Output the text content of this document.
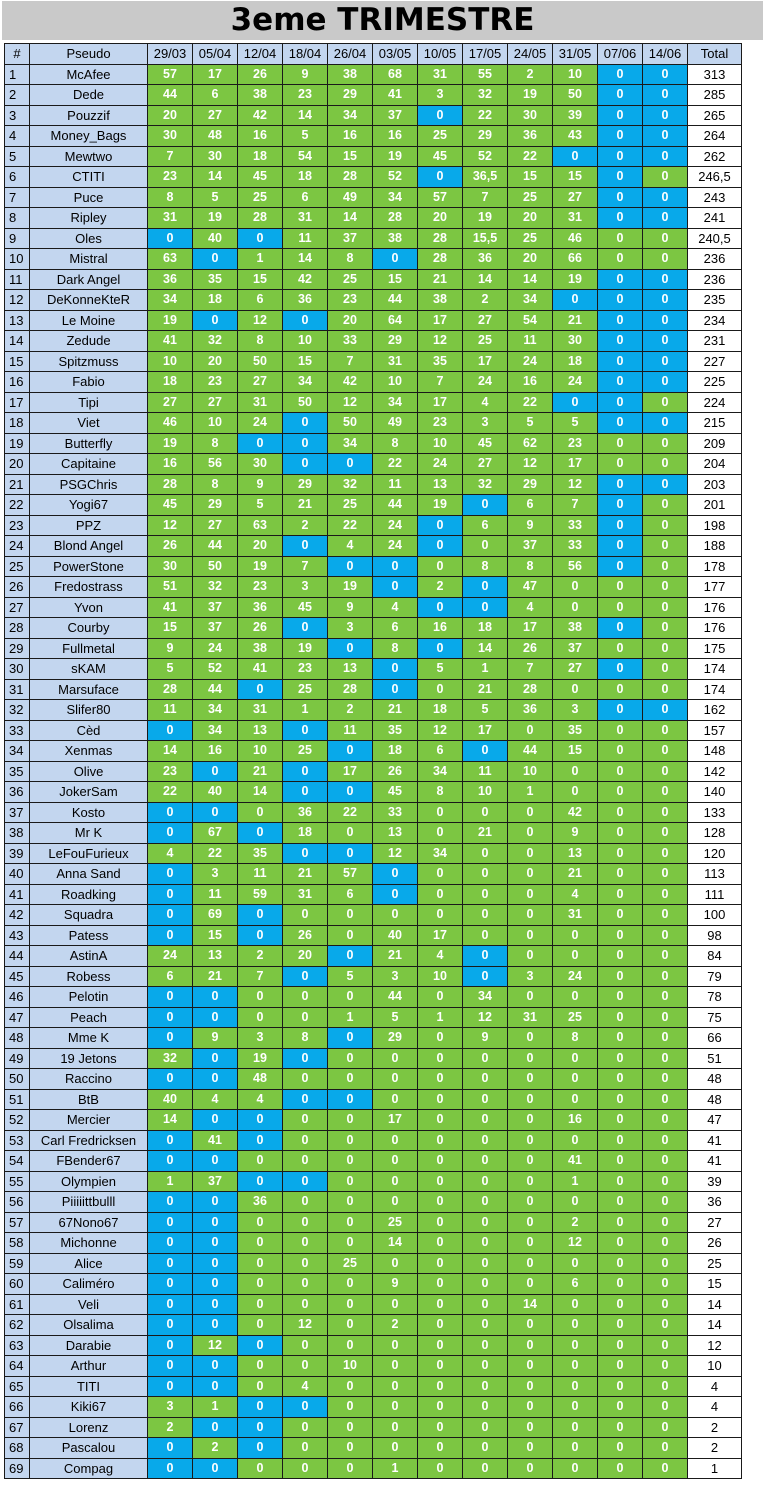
3eme TRIMESTRE
#	Pseudo	29/03	05/04	12/04	18/04	26/04	03/05	10/05	17/05	24/05	31/05	07/06	14/06	Total
1	McAfee	57	17	26	9	38	68	31	55	2	10	0	0	313
2	Dede	44	6	38	23	29	41	3	32	19	50	0	0	285
3	Pouzzif	20	27	42	14	34	37	0	22	30	39	0	0	265
4	Money_Bags	30	48	16	5	16	16	25	29	36	43	0	0	264
5	Mewtwo	7	30	18	54	15	19	45	52	22	0	0	0	262
6	CTITI	23	14	45	18	28	52	0	36,5	15	15	0	0	246,5
7	Puce	8	5	25	6	49	34	57	7	25	27	0	0	243
8	Ripley	31	19	28	31	14	28	20	19	20	31	0	0	241
9	Oles	0	40	0	11	37	38	28	15,5	25	46	0	0	240,5
10	Mistral	63	0	1	14	8	0	28	36	20	66	0	0	236
11	Dark Angel	36	35	15	42	25	15	21	14	14	19	0	0	236
12	DeKonneKteR	34	18	6	36	23	44	38	2	34	0	0	0	235
13	Le Moine	19	0	12	0	20	64	17	27	54	21	0	0	234
14	Zedude	41	32	8	10	33	29	12	25	11	30	0	0	231
15	Spitzmuss	10	20	50	15	7	31	35	17	24	18	0	0	227
16	Fabio	18	23	27	34	42	10	7	24	16	24	0	0	225
17	Tipi	27	27	31	50	12	34	17	4	22	0	0	0	224
18	Viet	46	10	24	0	50	49	23	3	5	5	0	0	215
19	Butterfly	19	8	0	0	34	8	10	45	62	23	0	0	209
20	Capitaine	16	56	30	0	0	22	24	27	12	17	0	0	204
21	PSGChris	28	8	9	29	32	11	13	32	29	12	0	0	203
22	Yogi67	45	29	5	21	25	44	19	0	6	7	0	0	201
23	PPZ	12	27	63	2	22	24	0	6	9	33	0	0	198
24	Blond Angel	26	44	20	0	4	24	0	0	37	33	0	0	188
25	PowerStone	30	50	19	7	0	0	0	8	8	56	0	0	178
26	Fredostrass	51	32	23	3	19	0	2	0	47	0	0	0	177
27	Yvon	41	37	36	45	9	4	0	0	4	0	0	0	176
28	Courby	15	37	26	0	3	6	16	18	17	38	0	0	176
29	Fullmetal	9	24	38	19	0	8	0	14	26	37	0	0	175
30	sKAM	5	52	41	23	13	0	5	1	7	27	0	0	174
31	Marsuface	28	44	0	25	28	0	0	21	28	0	0	0	174
32	Slifer80	11	34	31	1	2	21	18	5	36	3	0	0	162
33	Cèd	0	34	13	0	11	35	12	17	0	35	0	0	157
34	Xenmas	14	16	10	25	0	18	6	0	44	15	0	0	148
35	Olive	23	0	21	0	17	26	34	11	10	0	0	0	142
36	JokerSam	22	40	14	0	0	45	8	10	1	0	0	0	140
37	Kosto	0	0	0	36	22	33	0	0	0	42	0	0	133
38	Mr K	0	67	0	18	0	13	0	21	0	9	0	0	128
39	LeFouFurieux	4	22	35	0	0	12	34	0	0	13	0	0	120
40	Anna Sand	0	3	11	21	57	0	0	0	0	21	0	0	113
41	Roadking	0	11	59	31	6	0	0	0	0	4	0	0	111
42	Squadra	0	69	0	0	0	0	0	0	0	31	0	0	100
43	Patess	0	15	0	26	0	40	17	0	0	0	0	0	98
44	AstinA	24	13	2	20	0	21	4	0	0	0	0	0	84
45	Robess	6	21	7	0	5	3	10	0	3	24	0	0	79
46	Pelotin	0	0	0	0	0	44	0	34	0	0	0	0	78
47	Peach	0	0	0	0	1	5	1	12	31	25	0	0	75
48	Mme K	0	9	3	8	0	29	0	9	0	8	0	0	66
49	19 Jetons	32	0	19	0	0	0	0	0	0	0	0	0	51
50	Raccino	0	0	48	0	0	0	0	0	0	0	0	0	48
51	BtB	40	4	4	0	0	0	0	0	0	0	0	0	48
52	Mercier	14	0	0	0	0	17	0	0	0	16	0	0	47
53	Carl Fredricksen	0	41	0	0	0	0	0	0	0	0	0	0	41
54	FBender67	0	0	0	0	0	0	0	0	0	41	0	0	41
55	Olympien	1	37	0	0	0	0	0	0	0	1	0	0	39
56	Piiiiittbulll	0	0	36	0	0	0	0	0	0	0	0	0	36
57	67Nono67	0	0	0	0	0	25	0	0	0	2	0	0	27
58	Michonne	0	0	0	0	0	14	0	0	0	12	0	0	26
59	Alice	0	0	0	0	25	0	0	0	0	0	0	0	25
60	Caliméro	0	0	0	0	0	9	0	0	0	6	0	0	15
61	Veli	0	0	0	0	0	0	0	0	14	0	0	0	14
62	Olsalima	0	0	0	12	0	2	0	0	0	0	0	0	14
63	Darabie	0	12	0	0	0	0	0	0	0	0	0	0	12
64	Arthur	0	0	0	0	10	0	0	0	0	0	0	0	10
65	TITI	0	0	0	4	0	0	0	0	0	0	0	0	4
66	Kiki67	3	1	0	0	0	0	0	0	0	0	0	0	4
67	Lorenz	2	0	0	0	0	0	0	0	0	0	0	0	2
68	Pascalou	0	2	0	0	0	0	0	0	0	0	0	0	2
69	Compag	0	0	0	0	0	1	0	0	0	0	0	0	1
